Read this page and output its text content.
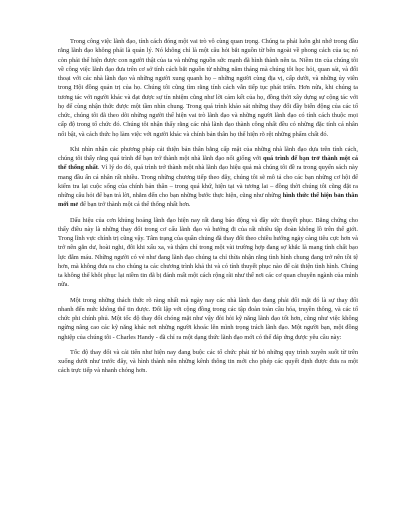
Trong công việc lãnh đạo, tính cách đóng một vai trò vô cùng quan trọng. Chúng ta phải luôn ghi nhớ trong đầu rằng lãnh đạo không phải là quản lý. Nó không chỉ là một câu hỏi bắt nguồn từ bên ngoài về phong cách của ta; nó còn phải thể hiện được con người thật của ta và những nguồn sức mạnh đã hình thành nên ta. Niềm tin của chúng tôi về công việc lãnh đạo đưa trên cơ sở tính cách bắt nguồn từ những năm tháng mà chúng tôi học hỏi, quan sát, và đối thoại với các nhà lãnh đạo và những người xung quanh họ – những người cùng địa vị, cấp dưới, và những ủy viên trong Hội đồng quản trị của họ. Chúng tôi cũng tìm rằng tính cách vẫn tiếp tục phát triển. Hơn nữa, khi chúng ta tương tác với người khác và đạt được sự tín nhiệm cũng như lời cảm kết của họ, đồng thời xây dựng sự cộng tác với họ để cùng nhận thức được một tầm nhìn chung. Trong quá trình khảo sát những thay đổi đầy biến động của các tổ chức, chúng tôi đã theo dõi những người thể hiện vai trò lãnh đạo và những người lãnh đạo có tính cách thuộc mọi cấp độ trong tổ chức đó. Chúng tôi nhận thấy rằng các nhà lãnh đạo thành công nhất đều có những đặc tính cá nhân nổi bật, và cách thức họ làm việc với người khác và chính bản thân họ thể hiện rõ rệt những phẩm chất đó.

Khi nhìn nhận các phương pháp cải thiện bản thân bằng cấp mật của những nhà lãnh đạo dựa trên tính cách, chúng tôi thấy rằng quá trình để bạn trở thành một nhà lãnh đạo nổi giống với quá trình để bạn trở thành một cá thể thống nhất. Vì lý do đó, quá trình trở thành một nhà lãnh đạo hiệu quả mà chúng tôi đề ra trong quyển sách này mang đầu ấn cá nhân rất nhiều. Trong những chương tiếp theo đây, chúng tôi sẽ mô tả cho các bạn những cơ hội để kiểm tra lại cuộc sống của chính bản thân – trong quá khứ, hiện tại và tương lai – đồng thời chúng tôi cũng đặt ra những câu hỏi để bạn trả lời, nhằm đến cho bạn những bước thực hiện, cũng như những hình thức thể hiện bản thân mới mẻ để bạn trở thành một cá thể thống nhất hơn.

Dấu hiệu của cơn khủng hoảng lãnh đạo hiện nay rất đang báo động và đầy sức thuyết phục. Bằng chứng cho thấy điều này là những thay đổi trong cơ cấu lãnh đạo và hướng đi của rất nhiều tập đoàn không lồ trên thế giới. Trong lĩnh vực chính trị cũng vậy. Tâm trạng của quần chúng đã thay đổi theo chiều hướng ngày càng tiêu cực hơn và trở nên gắn dư, hoài nghi, đôi khi xấu xa, và thậm chí trong một vài trường hợp đang sợ khắc là mang tính chất bạo lực đẫm máu. Những người có vẻ như đang lãnh đạo chúng ta chỉ thừa nhận rằng tình hình chung đang trở nên tồi tệ hơn, mà không đưa ra cho chúng ta các chương trình khả thi và có tính thuyết phục nào để cải thiện tình hình. Chúng ta không thể khôi phục lại niềm tin đã bị đánh mất một cách rộng rãi như thế nơi các cơ quan chuyên ngành của mình nữa.

Một trong những thách thức rõ ràng nhất mà ngày nay các nhà lãnh đạo đang phải đối mặt đó là sự thay đổi nhanh đến mức không thể tin được. Đối lập với cộng đồng trong các tập đoàn toàn cầu hóa, truyền thông, và các tổ chức phi chính phủ. Một tốc độ thay đổi chóng mặt như vậy đòi hỏi kỹ năng lãnh đạo tốt hơn, cũng như việc không ngừng nâng cao các kỹ năng khác nơi những người khoác lên mình trọng trách lãnh đạo. Một người bạn, một đồng nghiệp của chúng tôi - Charles Handy - đã chỉ ra một dạng thức lãnh đạo mới có thể đáp ứng được yêu cầu này:

Tốc độ thay đổi và cải tiến như hiện nay đang buộc các tổ chức phải từ bỏ những quy trình xuyên suốt từ trên xuống dưới như trước đây, và hình thành nên những kênh thông tin mới cho phép các quyết định được đưa ra một cách trực tiếp và nhanh chóng hơn.
